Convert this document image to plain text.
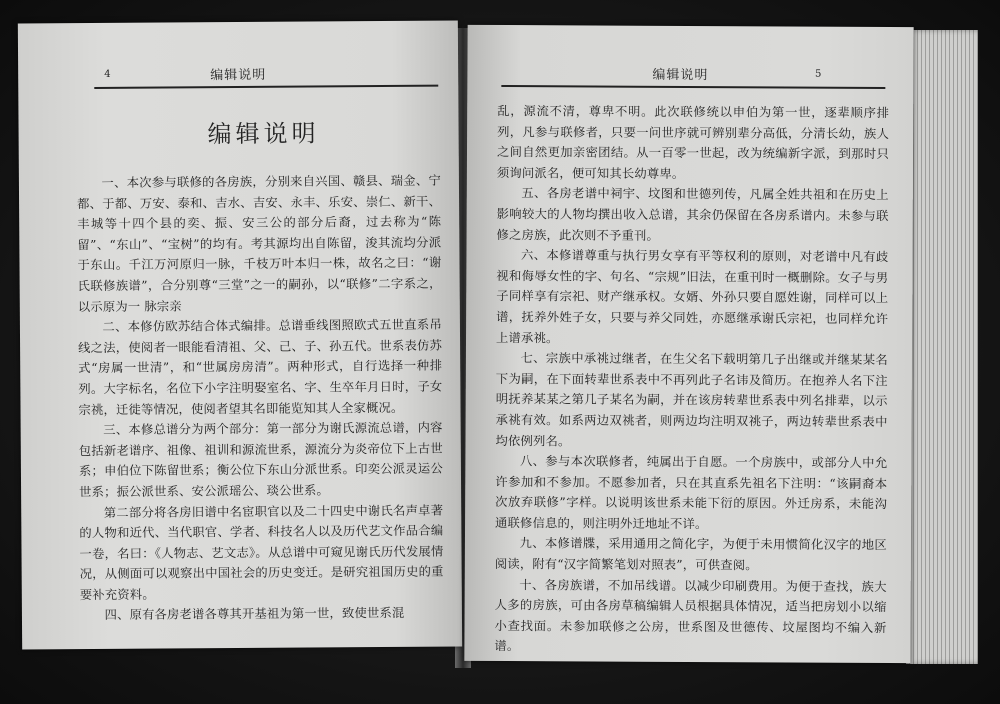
4	编辑说明
编辑说明

一、本次参与联修的各房族，分别来自兴国、赣县、瑞金、宁都、于都、万安、泰和、吉水、吉安、永丰、乐安、崇仁、新干、丰城等十四个县的奕、振、安三公的部分后裔，过去称为“陈留”、“东山”、“宝树”的均有。考其源均出自陈留，浚其流均分派于东山。千江万河原归一脉，千枝万叶本归一株，故名之曰：“谢氏联修族谱”，合分别尊“三堂”之一的嗣孙，以“联修”二字系之，以示原为一 脉宗亲

二、本修仿欧苏结合体式编排。总谱垂线图照欧式五世直系吊线之法，使阅者一眼能看清祖、父、己、子、孙五代。世系表仿苏式“房属一世清”，和“世属房房清”。两种形式，自行选择一种排列。大字标名，名位下小字注明娶室名、字、生卒年月日时，子女宗祧，迁徙等情况，使阅者望其名即能览知其人全家概况。

三、本修总谱分为两个部分：第一部分为谢氏源流总谱，内容包括新老谱序、祖像、祖训和源流世系，源流分为炎帝位下上古世系；申伯位下陈留世系；衡公位下东山分派世系。印奕公派灵运公世系；振公派世系、安公派瑶公、琰公世系。

第二部分将各房旧谱中名宦职官以及二十四史中谢氏名声卓著的人物和近代、当代职官、学者、科技名人以及历代艺文作品合编一卷，名曰：《人物志、艺文志》。从总谱中可窥见谢氏历代发展情况，从侧面可以观察出中国社会的历史变迁。是研究祖国历史的重要补充资料。

四、原有各房老谱各尊其开基祖为第一世，致使世系混

编辑说明	5

乱，源流不清，尊卑不明。此次联修统以申伯为第一世，逐辈顺序排列，凡参与联修者，只要一问世序就可辨别辈分高低，分清长幼，族人之间自然更加亲密团结。从一百零一世起，改为统编新字派，到那时只须询问派名，便可知其长幼尊卑。

五、各房老谱中祠宇、坟图和世德列传，凡属全姓共祖和在历史上影响较大的人物均撰出收入总谱，其余仍保留在各房系谱内。未参与联修之房族，此次则不予重刊。

六、本修谱尊重与执行男女享有平等权利的原则，对老谱中凡有歧视和侮辱女性的字、句名、“宗规”旧法，在重刊时一概删除。女子与男子同样享有宗祀、财产继承权。女婿、外孙只要自愿姓谢，同样可以上谱，抚养外姓子女，只要与养父同姓，亦愿继承谢氏宗祀，也同样允许上谱承祧。

七、宗族中承祧过继者，在生父名下载明第几子出继或并继某某名下为嗣，在下面转辈世系表中不再列此子名讳及简历。在抱养人名下注明抚养某某之第几子某名为嗣，并在该房转辈世系表中列名排辈，以示承祧有效。如系两边双祧者，则两边均注明双祧子，两边转辈世系表中均依例列名。

八、参与本次联修者，纯属出于自愿。一个房族中，或部分人中允许参加和不参加。不愿参加者，只在其直系先祖名下注明：“该嗣裔本次放弃联修”字样。以说明该世系未能下衍的原因。外迁房系，未能沟通联修信息的，则注明外迁地址不详。

九、本修谱牒，采用通用之简化字，为便于未用惯简化汉字的地区阅读，附有“汉字简繁笔划对照表”，可供查阅。

十、各房族谱，不加吊线谱。以减少印刷费用。为便于查找，族大人多的房族，可由各房草稿编辑人员根据具体情况，适当把房划小以缩小查找面。未参加联修之公房，世系图及世德传、坟屋图均不编入新谱。
